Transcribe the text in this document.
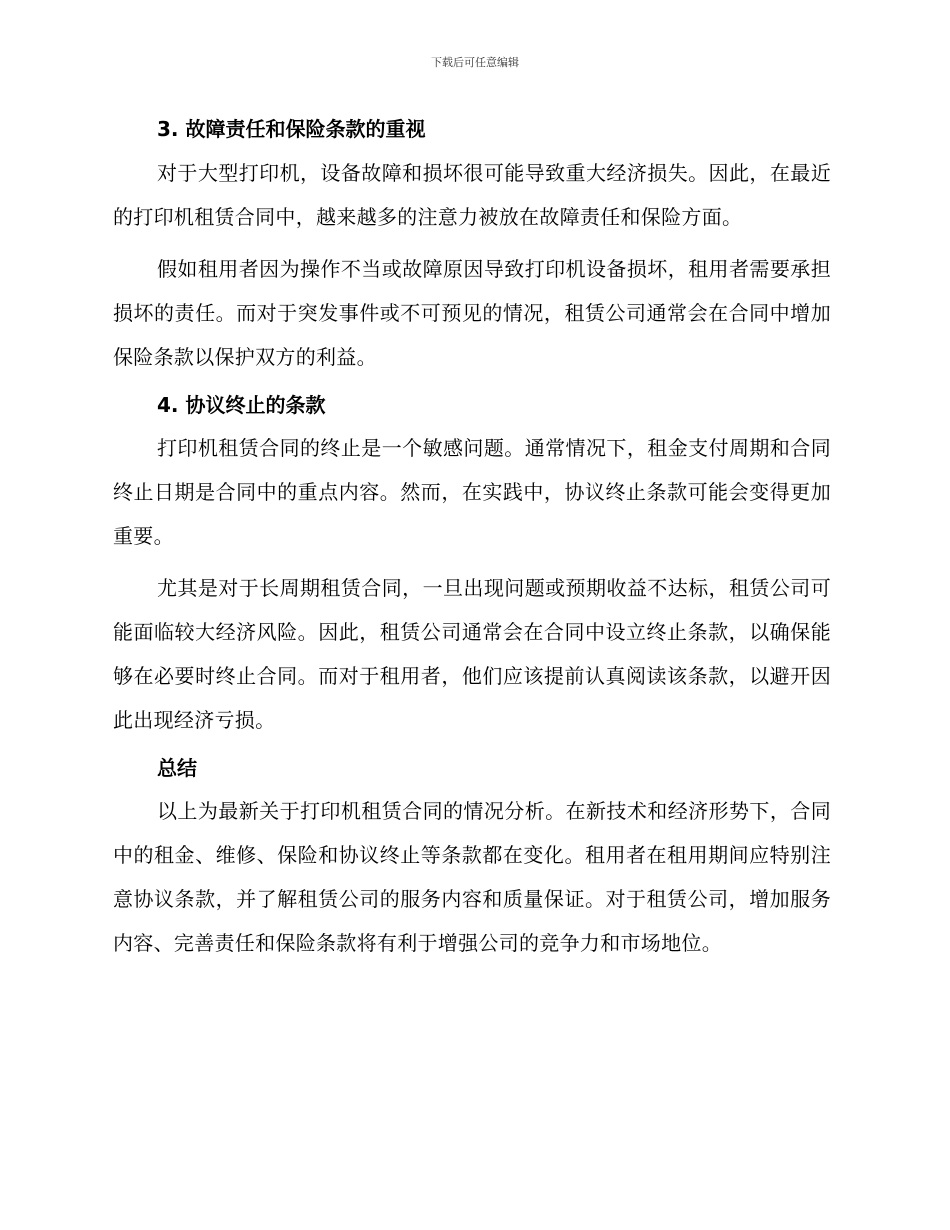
下载后可任意编辑

3. 故障责任和保险条款的重视

对于大型打印机，设备故障和损坏很可能导致重大经济损失。因此，在最近的打印机租赁合同中，越来越多的注意力被放在故障责任和保险方面。

假如租用者因为操作不当或故障原因导致打印机设备损坏，租用者需要承担损坏的责任。而对于突发事件或不可预见的情况，租赁公司通常会在合同中增加保险条款以保护双方的利益。

4. 协议终止的条款

打印机租赁合同的终止是一个敏感问题。通常情况下，租金支付周期和合同终止日期是合同中的重点内容。然而，在实践中，协议终止条款可能会变得更加重要。

尤其是对于长周期租赁合同，一旦出现问题或预期收益不达标，租赁公司可能面临较大经济风险。因此，租赁公司通常会在合同中设立终止条款，以确保能够在必要时终止合同。而对于租用者，他们应该提前认真阅读该条款，以避开因此出现经济亏损。

总结

以上为最新关于打印机租赁合同的情况分析。在新技术和经济形势下，合同中的租金、维修、保险和协议终止等条款都在变化。租用者在租用期间应特别注意协议条款，并了解租赁公司的服务内容和质量保证。对于租赁公司，增加服务内容、完善责任和保险条款将有利于增强公司的竞争力和市场地位。
